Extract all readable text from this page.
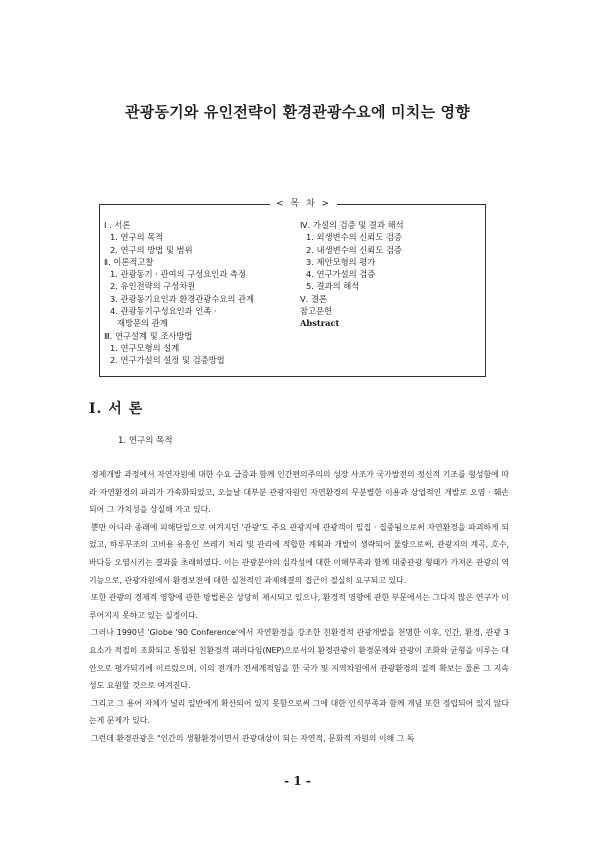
관광동기와 유인전략이 환경관광수요에 미치는 영향
< 목 차 >
I . 서론
1. 연구의 목적
2. 연구의 방법 및 범위
Ⅱ. 이론적고찰
1. 관광동기 · 관여의 구성요인과 측정
2. 유인전략의 구성차원
3. 관광동기요인과 환경관광수요의 관계
4. 관광동기구성요인과 인족 ·
재방문의 관계
Ⅲ. 연구설계 및 조사방법
1. 연구모형의 설계
2. 연구가설의 설정 및 검증방법
Ⅳ. 가설의 검증 및 결과 해석
1. 외생변수의 신뢰도 검증
2. 내생변수의 신뢰도 검증
3. 제안모형의 평가
4. 연구가설의 검증
5. 결과의 해석
Ⅴ. 결론
참고문헌
Abstract
I. 서 론
1. 연구의 목적

경제개발 과정에서 자연자원에 대한 수요 급증과 함께 인간편의주의의 성장 사조가 국가발전의 정신적 기조를 형성함에 따라 자연환경의 파괴가 가속화되었고, 오늘날 대부분 관광자원인 자연환경의 무분별한 이용과 상업적인 개발로 오염 · 훼손되어 그 가치성을 상실해 가고 있다.

뿐만 아니라 종래에 피해단일으로 여겨지던 '관광'도 주요 관광지에 관광객이 밀집 · 집중됨으로써 자연환경을 파괴하게 되었고, 하루무조의 고비용 유흥인 쓰레기 처리 및 관리에 적합한 계획과 개발이 생략되어 물량으로써, 관광지의 계곡, 호수, 바다등 오염시키는 결과를 초래하였다. 이는 관광분야의 심각성에 대한 이해부족과 함께 대중관광 형태가 가져온 관광의 역기능으로, 관광자원에서 환경보전에 대한 실천적인 과제해결의 접근이 절실히 요구되고 있다.

또한 관광의 경제적 영향에 관한 방법론은 상당히 제시되고 있으나, 환경적 영향에 관한 부문에서는 그다지 많은 연구가 이루어지지 못하고 있는 실정이다.

그러나 1990년 'Globe '90 Conference'에서 자연환경을 강조한 친환경적 관광개발을 천명한 이후, 인간, 환경, 관광 3요소가 적절히 조화되고 통합된 친환경적 패러다임(NEP)으로서의 환경관광이 환경문제와 관광이 조화와 균형을 이루는 대안으로 평가되기에 이르렀으며, 이의 전개가 전세계적임을 한 국가 및 지역차원에서 관광환경의 질적 확보는 물론 그 지속성도 요원할 것으로 여겨진다.

그리고 그 용어 자체가 널리 일반에게 확산되어 있지 못함으로써 그에 대한 인식부족과 함께 개념 또한 정립되어 있지 않다는게 문제가 있다.

그런데 환경관광은 "인간의 생활환경이면서 관광대상이 되는 자연적, 문화적 자원의 이해 그 독

- 1 -
